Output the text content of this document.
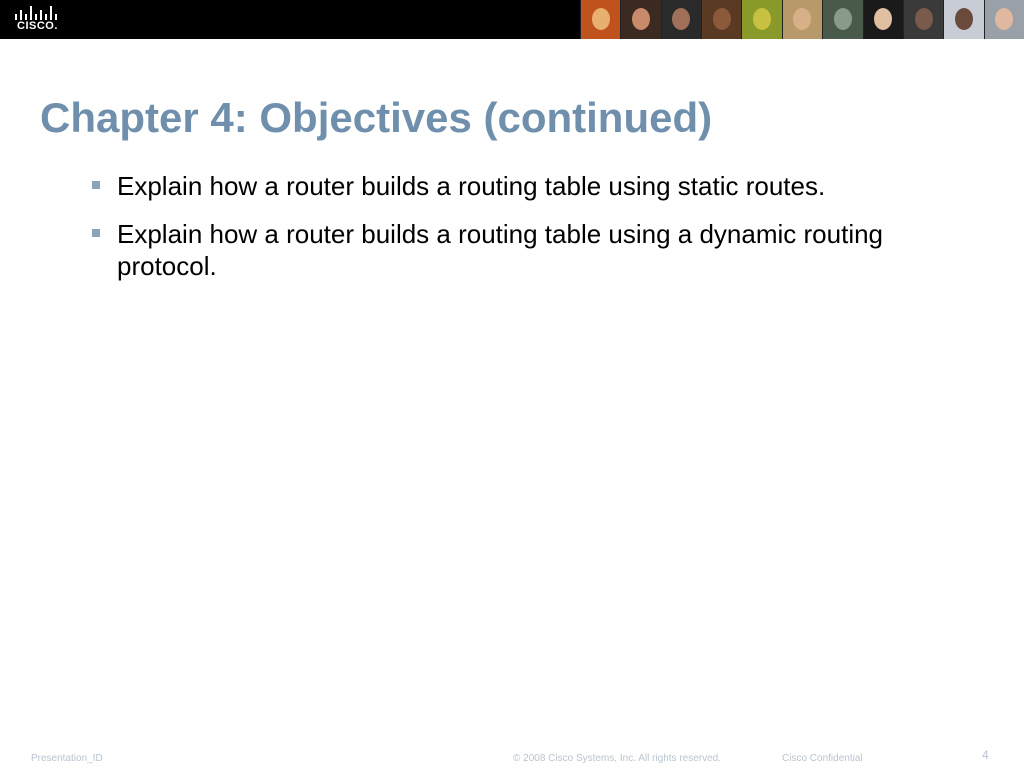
CISCO.
Chapter 4: Objectives (continued)
Explain how a router builds a routing table using static routes.
Explain how a router builds a routing table using a dynamic routing protocol.
Presentation_ID	© 2008 Cisco Systems, Inc. All rights reserved.	Cisco Confidential	4
